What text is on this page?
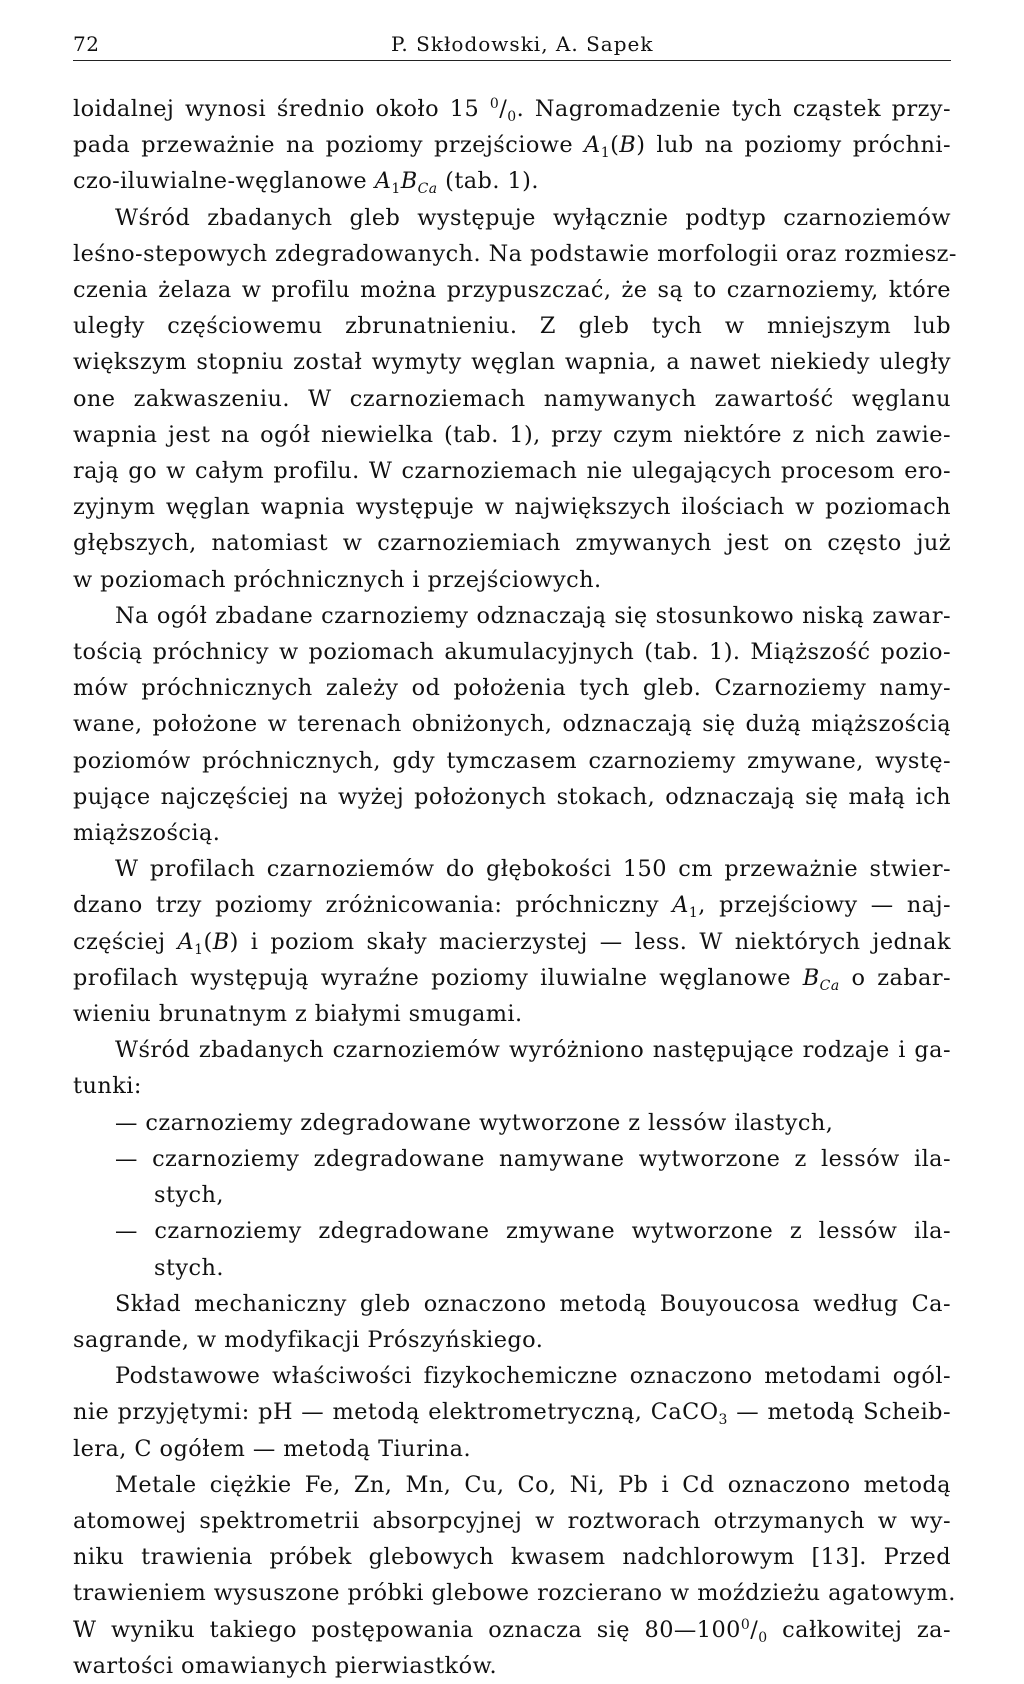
72	P. Skłodowski, A. Sapek
loidalnej wynosi średnio około 15 $^0/_0$. Nagromadzenie tych cząstek przy-
pada przeważnie na poziomy przejściowe $A_1(B)$ lub na poziomy próchni-
czo-iluwialne-węglanowe $A_1B_{Ca}$ (tab. 1).
Wśród zbadanych gleb występuje wyłącznie podtyp czarnoziemów
leśno-stepowych zdegradowanych. Na podstawie morfologii oraz rozmiesz-
czenia żelaza w profilu można przypuszczać, że są to czarnoziemy, które
uległy częściowemu zbrunatnieniu. Z gleb tych w mniejszym lub
większym stopniu został wymyty węglan wapnia, a nawet niekiedy uległy
one zakwaszeniu. W czarnoziemach namywanych zawartość węglanu
wapnia jest na ogół niewielka (tab. 1), przy czym niektóre z nich zawie-
rają go w całym profilu. W czarnoziemach nie ulegających procesom ero-
zyjnym węglan wapnia występuje w największych ilościach w poziomach
głębszych, natomiast w czarnoziemiach zmywanych jest on często już
w poziomach próchnicznych i przejściowych.
Na ogół zbadane czarnoziemy odznaczają się stosunkowo niską zawar-
tością próchnicy w poziomach akumulacyjnych (tab. 1). Miąższość pozio-
mów próchnicznych zależy od położenia tych gleb. Czarnoziemy namy-
wane, położone w terenach obniżonych, odznaczają się dużą miąższością
poziomów próchnicznych, gdy tymczasem czarnoziemy zmywane, wystę-
pujące najczęściej na wyżej położonych stokach, odznaczają się małą ich
miąższością.
W profilach czarnoziemów do głębokości 150 cm przeważnie stwier-
dzano trzy poziomy zróżnicowania: próchniczny $A_1$, przejściowy — naj-
częściej $A_1(B)$ i poziom skały macierzystej — less. W niektórych jednak
profilach występują wyraźne poziomy iluwialne węglanowe $B_{Ca}$ o zabar-
wieniu brunatnym z białymi smugami.
Wśród zbadanych czarnoziemów wyróżniono następujące rodzaje i ga-
tunki:
— czarnoziemy zdegradowane wytworzone z lessów ilastych,
— czarnoziemy zdegradowane namywane wytworzone z lessów ila-
stych,
— czarnoziemy zdegradowane zmywane wytworzone z lessów ila-
stych.
Skład mechaniczny gleb oznaczono metodą Bouyoucosa według Ca-
sagrande, w modyfikacji Prószyńskiego.
Podstawowe właściwości fizykochemiczne oznaczono metodami ogól-
nie przyjętymi: pH — metodą elektrometryczną, CaCO$_3$ — metodą Scheib-
lera, C ogółem — metodą Tiurina.
Metale ciężkie Fe, Zn, Mn, Cu, Co, Ni, Pb i Cd oznaczono metodą
atomowej spektrometrii absorpcyjnej w roztworach otrzymanych w wy-
niku trawienia próbek glebowych kwasem nadchlorowym [13]. Przed
trawieniem wysuszone próbki glebowe rozcierano w moździeżu agatowym.
W wyniku takiego postępowania oznacza się $80—100^0/_0$ całkowitej za-
wartości omawianych pierwiastków.
